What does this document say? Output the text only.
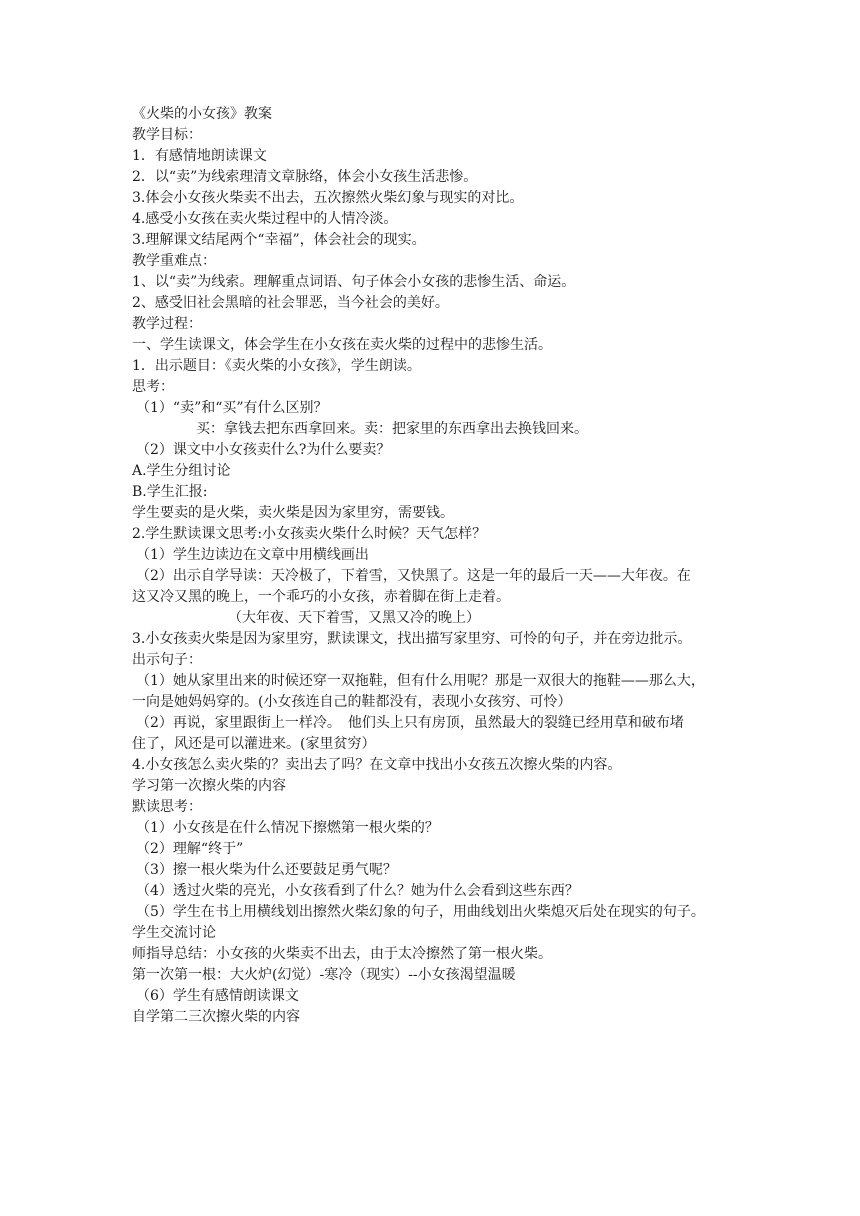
《火柴的小女孩》教案
教学目标：
1．有感情地朗读课文
2．以“卖”为线索理清文章脉络，体会小女孩生活悲惨。
3.体会小女孩火柴卖不出去，五次擦然火柴幻象与现实的对比。
4.感受小女孩在卖火柴过程中的人情冷淡。
3.理解课文结尾两个“幸福”，体会社会的现实。
教学重难点：
1、以“卖”为线索。理解重点词语、句子体会小女孩的悲惨生活、命运。
2、感受旧社会黑暗的社会罪恶，当今社会的美好。
教学过程：
一、学生读课文，体会学生在小女孩在卖火柴的过程中的悲惨生活。
1．出示题目：《卖火柴的小女孩》，学生朗读。
思考：
（1）“卖”和“买”有什么区别？
买：拿钱去把东西拿回来。卖：把家里的东西拿出去换钱回来。
（2）课文中小女孩卖什么?为什么要卖？
A.学生分组讨论
B.学生汇报:
学生要卖的是火柴，卖火柴是因为家里穷，需要钱。
2.学生默读课文思考:小女孩卖火柴什么时候？天气怎样？
（1）学生边读边在文章中用横线画出
（2）出示自学导读：天冷极了，下着雪，又快黑了。这是一年的最后一天——大年夜。在
这又冷又黑的晚上，一个乖巧的小女孩，赤着脚在街上走着。
（大年夜、天下着雪，又黑又冷的晚上）
3.小女孩卖火柴是因为家里穷，默读课文，找出描写家里穷、可怜的句子，并在旁边批示。
出示句子：
（1）她从家里出来的时候还穿一双拖鞋，但有什么用呢？那是一双很大的拖鞋——那么大，
一向是她妈妈穿的。(小女孩连自己的鞋都没有，表现小女孩穷、可怜）
（2）再说，家里跟街上一样冷。　他们头上只有房顶，虽然最大的裂缝已经用草和破布堵
住了，风还是可以灌进来。(家里贫穷）
4.小女孩怎么卖火柴的？卖出去了吗？在文章中找出小女孩五次擦火柴的内容。
学习第一次擦火柴的内容
默读思考：
（1）小女孩是在什么情况下擦燃第一根火柴的？
（2）理解“终于”
（3）擦一根火柴为什么还要鼓足勇气呢？
（4）透过火柴的亮光，小女孩看到了什么？她为什么会看到这些东西？
（5）学生在书上用横线划出擦然火柴幻象的句子，用曲线划出火柴熄灭后处在现实的句子。
学生交流讨论
师指导总结：小女孩的火柴卖不出去，由于太冷擦然了第一根火柴。
第一次第一根：大火炉(幻觉）-寒冷（现实）--小女孩渴望温暖
（6）学生有感情朗读课文
自学第二三次擦火柴的内容
